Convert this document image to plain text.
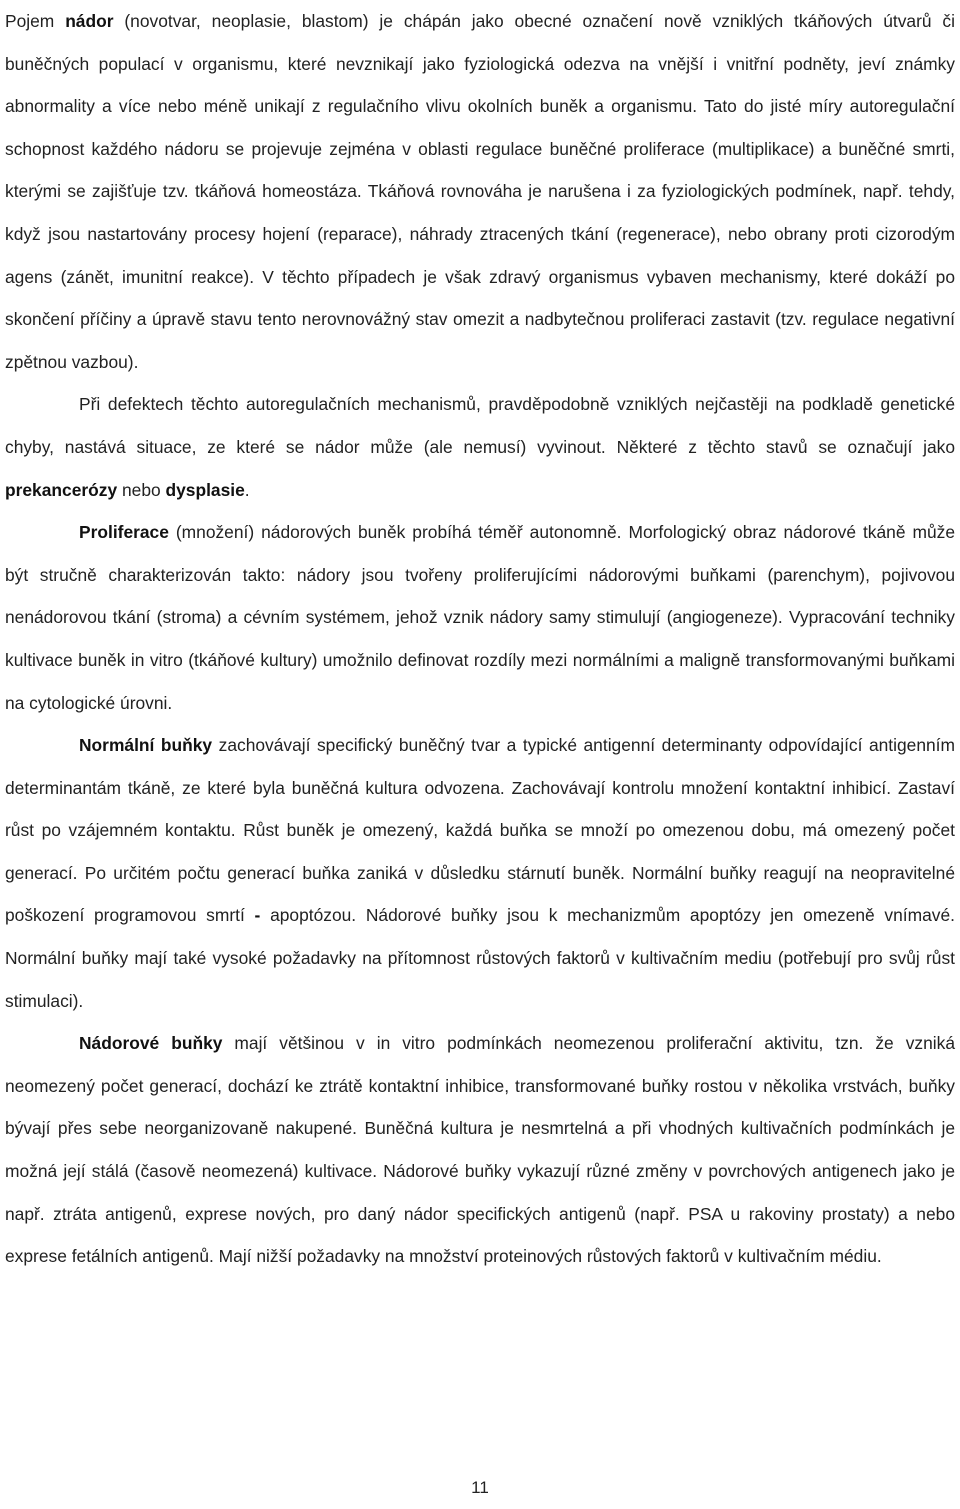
Pojem nádor (novotvar, neoplasie, blastom) je chápán jako obecné označení nově vzniklých tkáňových útvarů či buněčných populací v organismu, které nevznikají jako fyziologická odezva na vnější i vnitřní podněty, jeví známky abnormality a více nebo méně unikají z regulačního vlivu okolních buněk a organismu. Tato do jisté míry autoregulační schopnost každého nádoru se projevuje zejména v oblasti regulace buněčné proliferace (multiplikace) a buněčné smrti, kterými se zajišťuje tzv. tkáňová homeostáza. Tkáňová rovnováha je narušena i za fyziologických podmínek, např. tehdy, když jsou nastartovány procesy hojení (reparace), náhrady ztracených tkání (regenerace), nebo obrany proti cizorodým agens (zánět, imunitní reakce). V těchto případech je však zdravý organismus vybaven mechanismy, které dokáží po skončení příčiny a úpravě stavu tento nerovnovážný stav omezit a nadbytečnou proliferaci zastavit (tzv. regulace negativní zpětnou vazbou).

Při defektech těchto autoregulačních mechanismů, pravděpodobně vzniklých nejčastěji na podkladě genetické chyby, nastává situace, ze které se nádor může (ale nemusí) vyvinout. Některé z těchto stavů se označují jako prekancerózy nebo dysplasie.

Proliferace (množení) nádorových buněk probíhá téměř autonomně. Morfologický obraz nádorové tkáně může být stručně charakterizován takto: nádory jsou tvořeny proliferujícími nádorovými buňkami (parenchym), pojivovou nenádorovou tkání (stroma) a cévním systémem, jehož vznik nádory samy stimulují (angiogeneze). Vypracování techniky kultivace buněk in vitro (tkáňové kultury) umožnilo definovat rozdíly mezi normálními a maligně transformovanými buňkami na cytologické úrovni.

Normální buňky zachovávají specifický buněčný tvar a typické antigenní determinanty odpovídající antigenním determinantám tkáně, ze které byla buněčná kultura odvozena. Zachovávají kontrolu množení kontaktní inhibicí. Zastaví růst po vzájemném kontaktu. Růst buněk je omezený, každá buňka se množí po omezenou dobu, má omezený počet generací. Po určitém počtu generací buňka zaniká v důsledku stárnutí buněk. Normální buňky reagují na neopravitelné poškození programovou smrtí - apoptózou. Nádorové buňky jsou k mechanizmům apoptózy jen omezeně vnímavé. Normální buňky mají také vysoké požadavky na přítomnost růstových faktorů v kultivačním mediu (potřebují pro svůj růst stimulaci).

Nádorové buňky mají většinou v in vitro podmínkách neomezenou proliferační aktivitu, tzn. že vzniká neomezený počet generací, dochází ke ztrátě kontaktní inhibice, transformované buňky rostou v několika vrstvách, buňky bývají přes sebe neorganizovaně nakupené. Buněčná kultura je nesmrtelná a při vhodných kultivačních podmínkách je možná její stálá (časově neomezená) kultivace. Nádorové buňky vykazují různé změny v povrchových antigenech jako je např. ztráta antigenů, exprese nových, pro daný nádor specifických antigenů (např. PSA u rakoviny prostaty) a nebo exprese fetálních antigenů. Mají nižší požadavky na množství proteinových růstových faktorů v kultivačním médiu.

11
